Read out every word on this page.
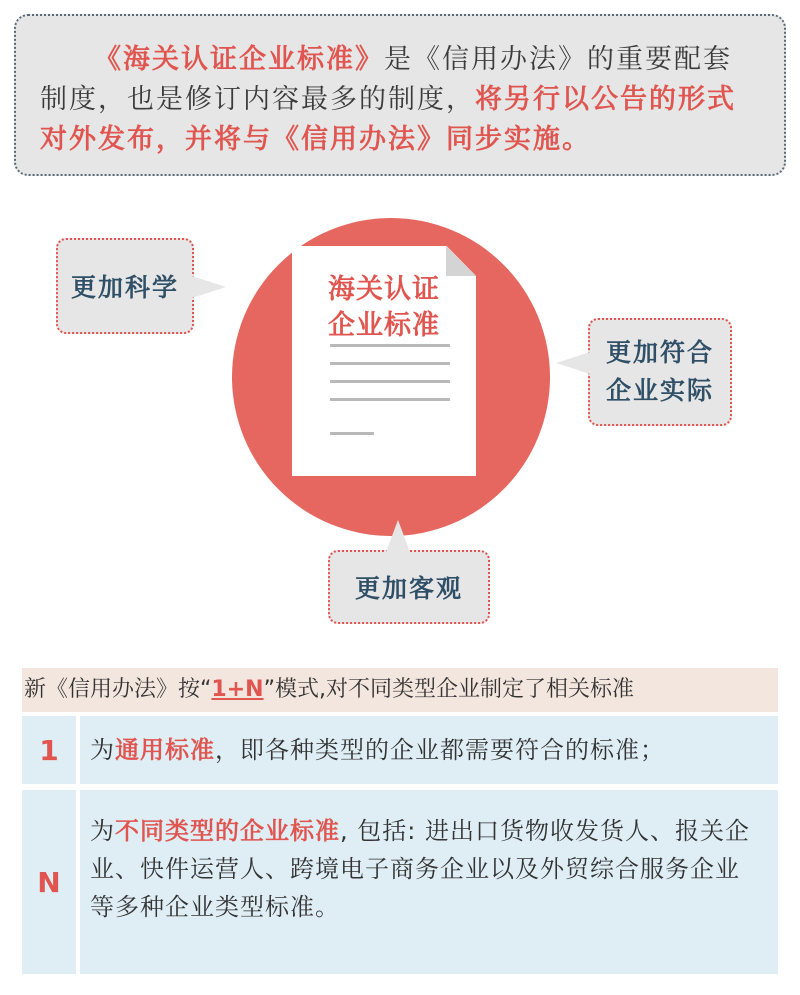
《海关认证企业标准》是《信用办法》的重要配套制度，也是修订内容最多的制度，将另行以公告的形式对外发布，并将与《信用办法》同步实施。
海关认证
企业标准
更加科学
更加符合
企业实际
更加客观
新《信用办法》按“1+N”模式,对不同类型企业制定了相关标准
1	为通用标准，即各种类型的企业都需要符合的标准；
N
为不同类型的企业标准, 包括: 进出口货物收发货人、报关企业、快件运营人、跨境电子商务企业以及外贸综合服务企业等多种企业类型标准。
